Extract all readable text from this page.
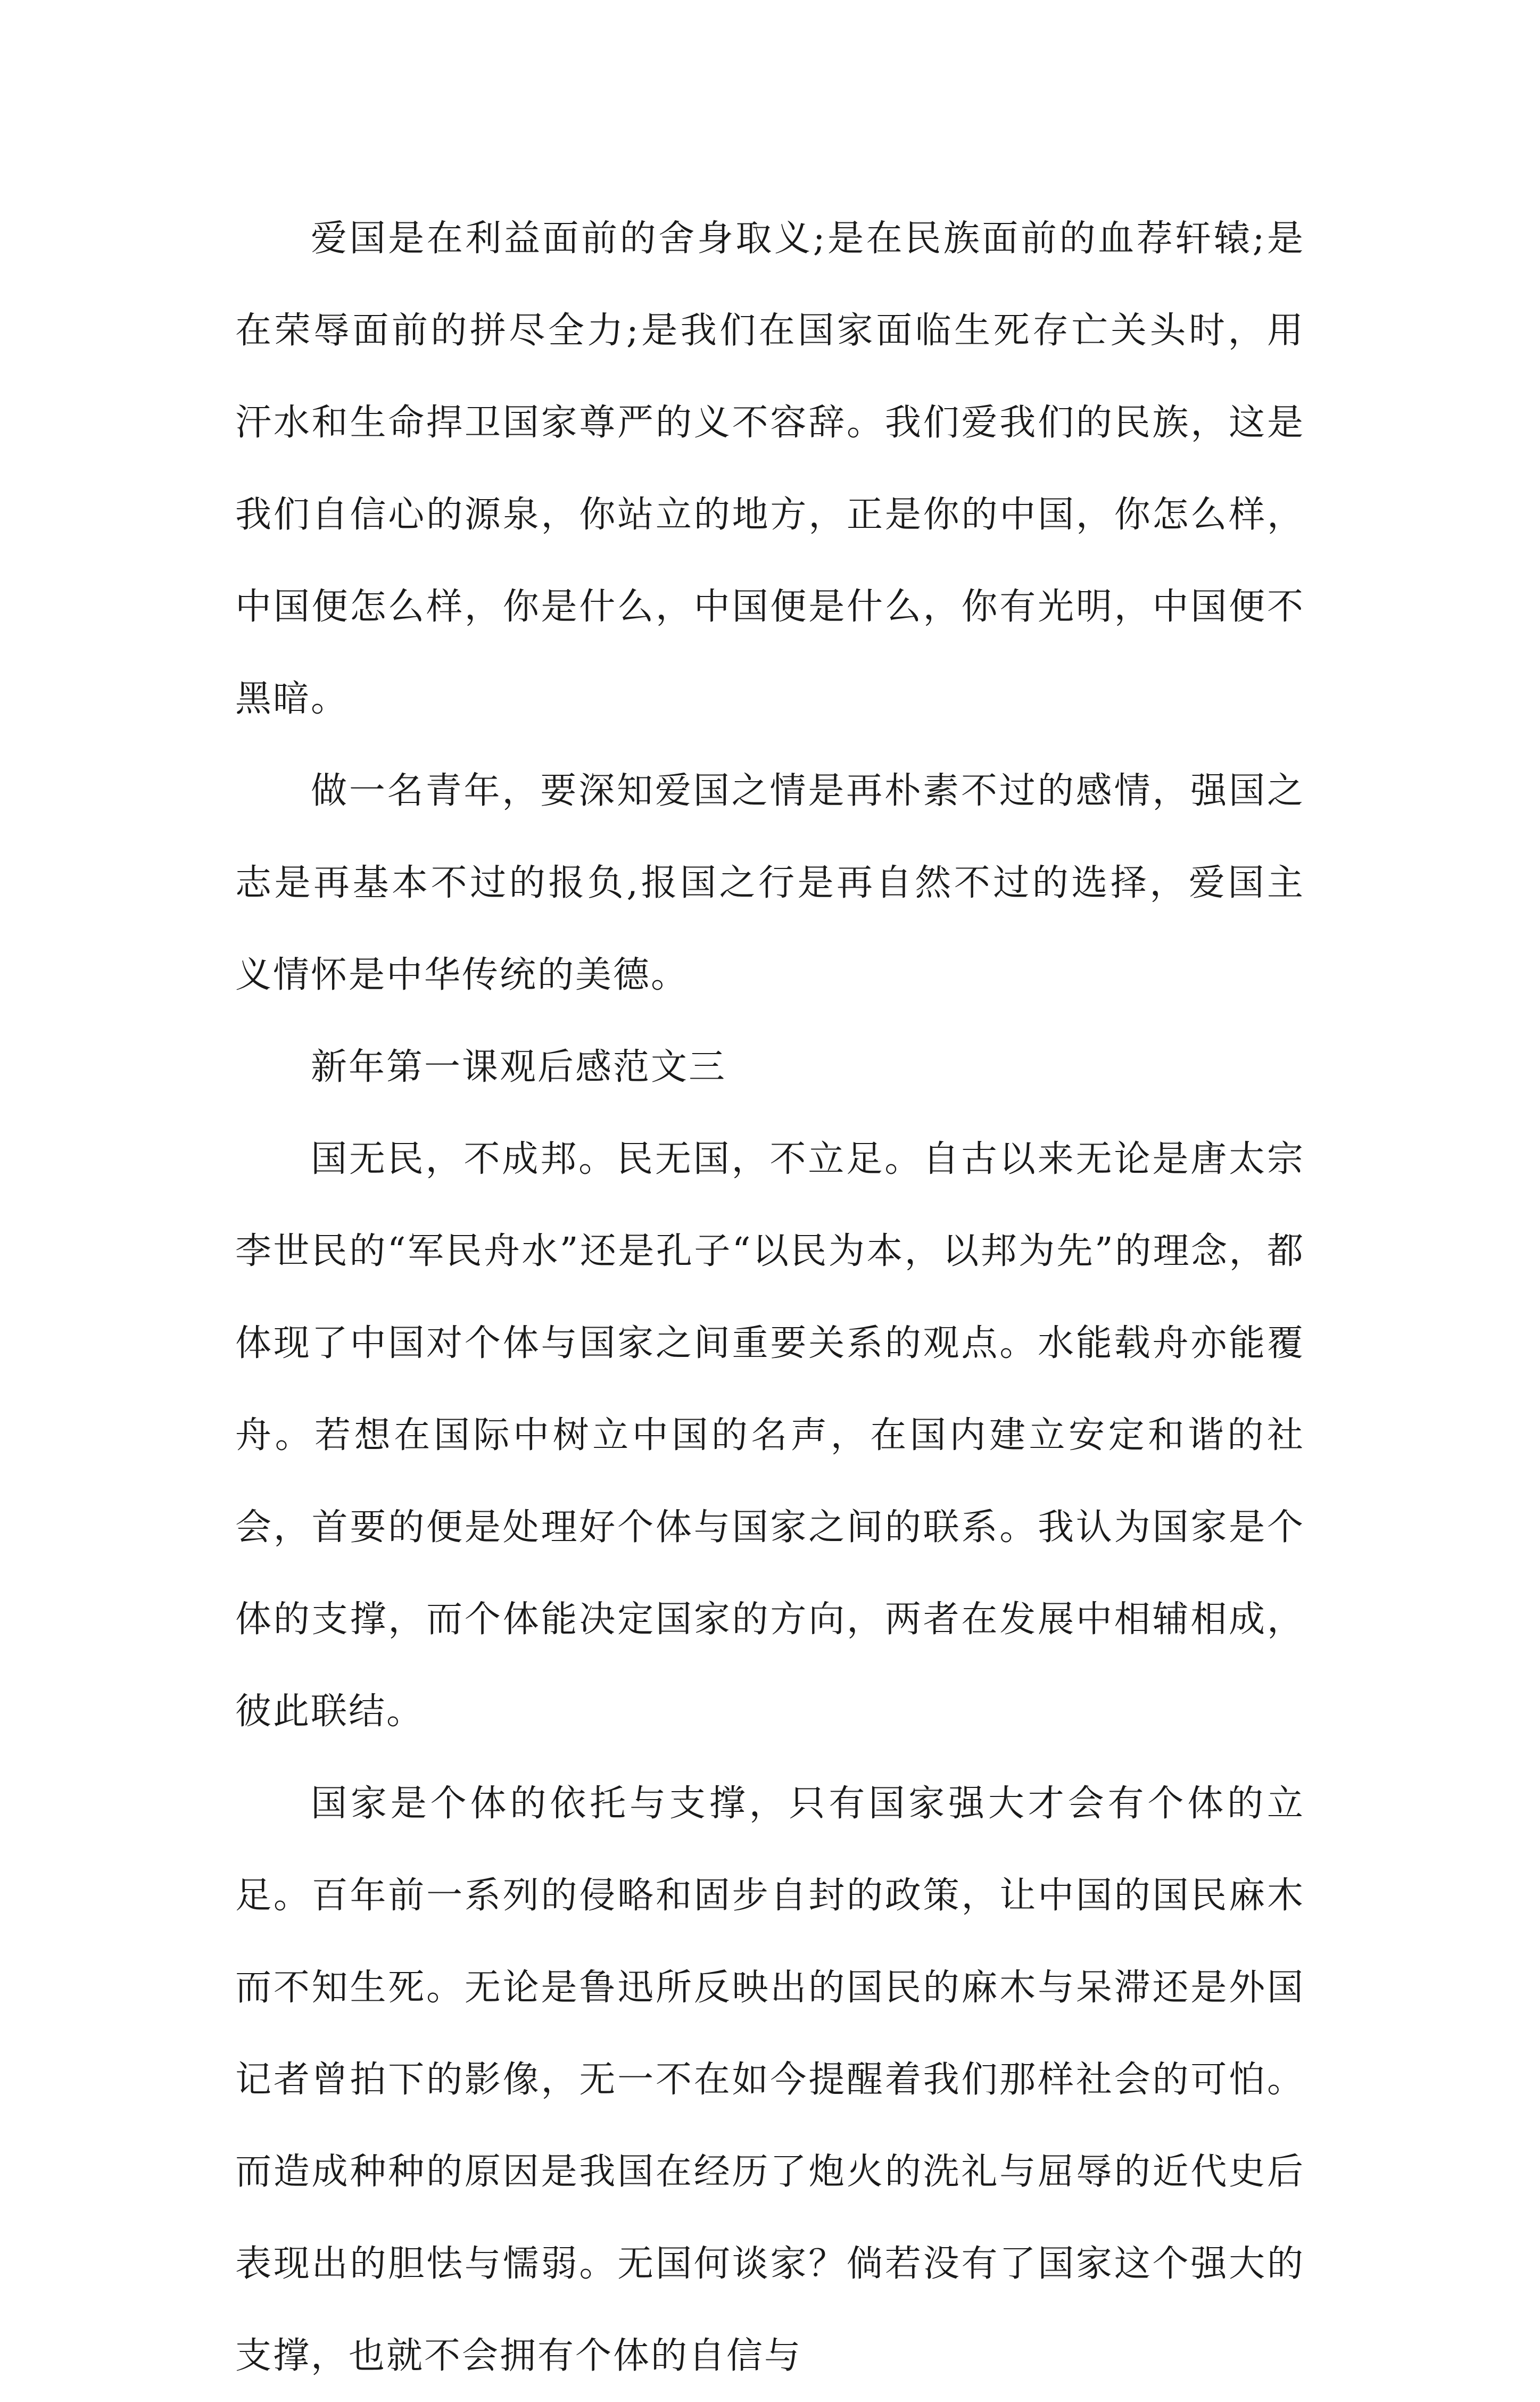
爱国是在利益面前的舍身取义;是在民族面前的血荐轩辕;是在荣辱面前的拼尽全力;是我们在国家面临生死存亡关头时，用汗水和生命捍卫国家尊严的义不容辞。我们爱我们的民族，这是我们自信心的源泉，你站立的地方，正是你的中国，你怎么样，中国便怎么样，你是什么，中国便是什么，你有光明，中国便不黑暗。

做一名青年，要深知爱国之情是再朴素不过的感情，强国之志是再基本不过的报负,报国之行是再自然不过的选择，爱国主义情怀是中华传统的美德。

新年第一课观后感范文三

国无民，不成邦。民无国，不立足。自古以来无论是唐太宗李世民的“军民舟水”还是孔子“以民为本，以邦为先”的理念，都体现了中国对个体与国家之间重要关系的观点。水能载舟亦能覆舟。若想在国际中树立中国的名声，在国内建立安定和谐的社会，首要的便是处理好个体与国家之间的联系。我认为国家是个体的支撑，而个体能决定国家的方向，两者在发展中相辅相成，彼此联结。

国家是个体的依托与支撑，只有国家强大才会有个体的立足。百年前一系列的侵略和固步自封的政策，让中国的国民麻木而不知生死。无论是鲁迅所反映出的国民的麻木与呆滞还是外国记者曾拍下的影像，无一不在如今提醒着我们那样社会的可怕。而造成种种的原因是我国在经历了炮火的洗礼与屈辱的近代史后表现出的胆怯与懦弱。无国何谈家？倘若没有了国家这个强大的支撑，也就不会拥有个体的自信与
